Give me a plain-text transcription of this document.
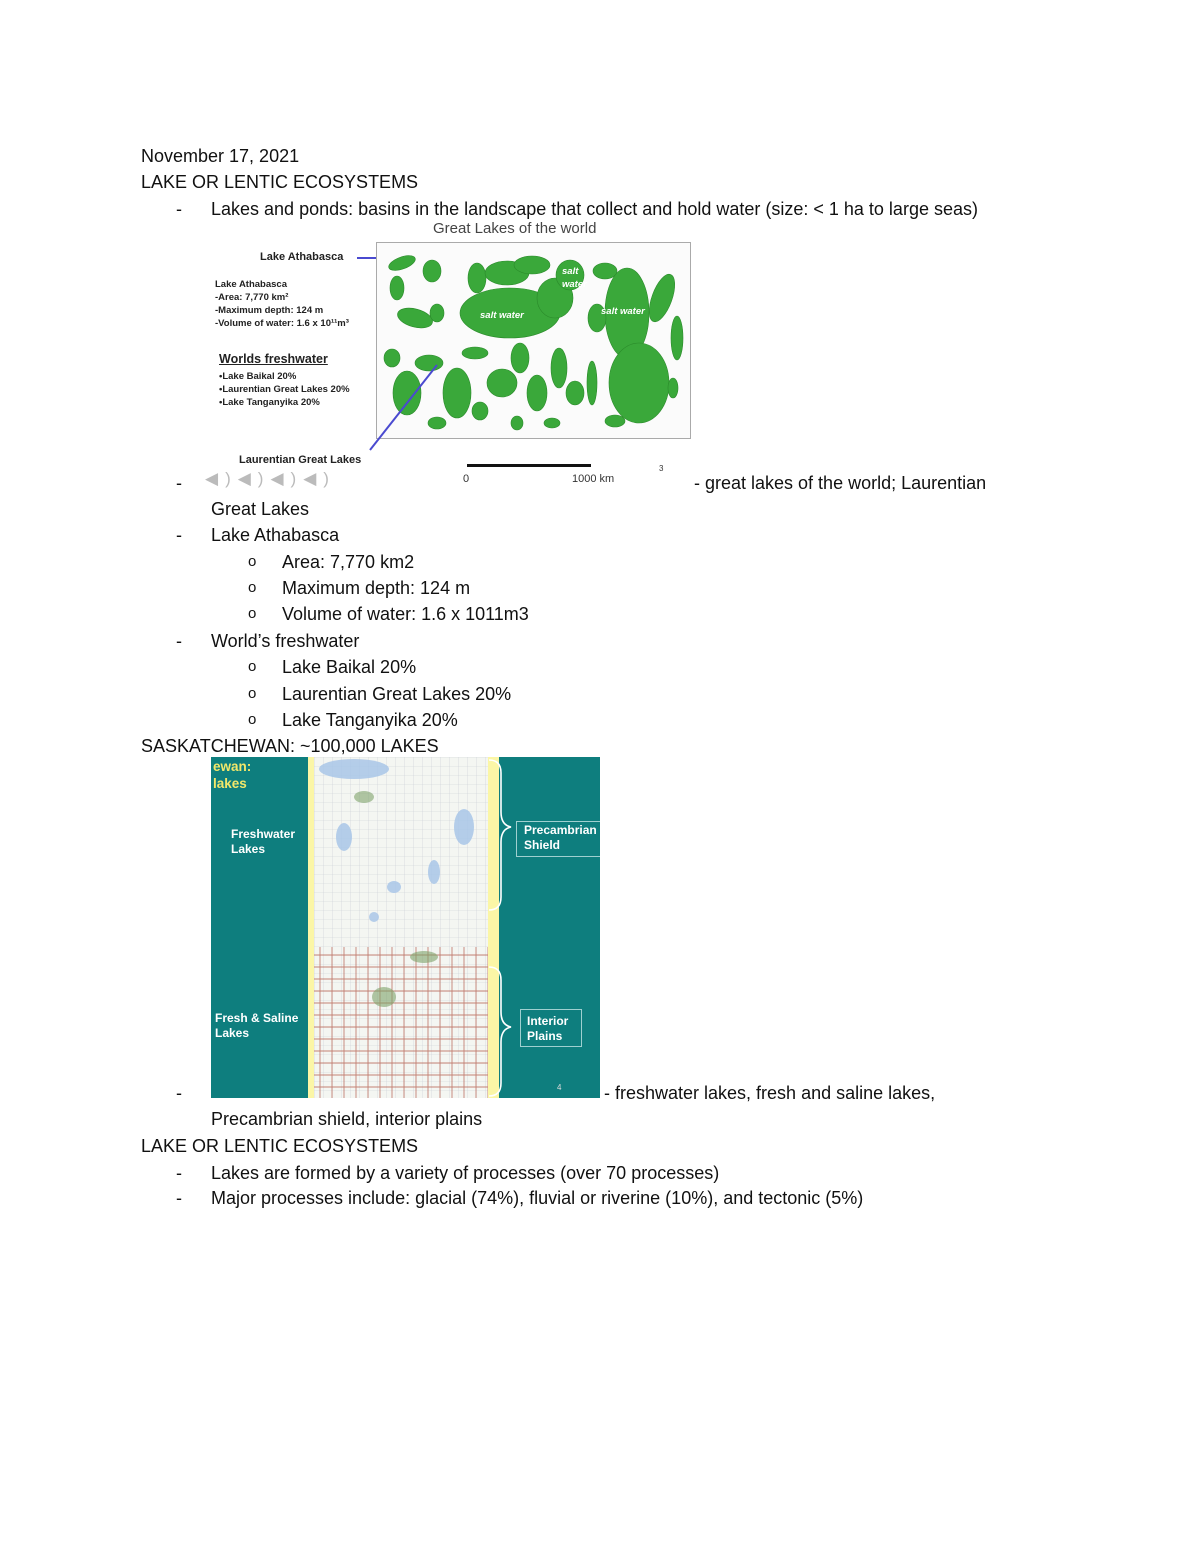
November 17, 2021
LAKE OR LENTIC ECOSYSTEMS
- Lakes and ponds: basins in the landscape that collect and hold water (size: < 1 ha to large seas)
Great Lakes of the world
Lake Athabasca
Lake Athabasca
-Area: 7,770 km²
-Maximum depth: 124 m
-Volume of water: 1.6 x 10¹¹m³
Worlds freshwater
•Lake Baikal 20%
•Laurentian Great Lakes 20%
•Lake Tanganyika 20%
salt water
salt water
salt water
Laurentian Great Lakes
◀)◀)◀)◀)	0	1000 km
3
-	- great lakes of the world; Laurentian
Great Lakes
- Lake Athabasca
o Area: 7,770 km2
o Maximum depth: 124 m
o Volume of water: 1.6 x 1011m3
- World’s freshwater
o Lake Baikal 20%
o Laurentian Great Lakes 20%
o Lake Tanganyika 20%
SASKATCHEWAN: ~100,000 LAKES
ewan:
lakes
Freshwater
Lakes
Fresh & Saline
Lakes
Precambrian
Shield
Interior
Plains
4
-	- freshwater lakes, fresh and saline lakes,
Precambrian shield, interior plains
LAKE OR LENTIC ECOSYSTEMS
- Lakes are formed by a variety of processes (over 70 processes)
- Major processes include: glacial (74%), fluvial or riverine (10%), and tectonic (5%)
